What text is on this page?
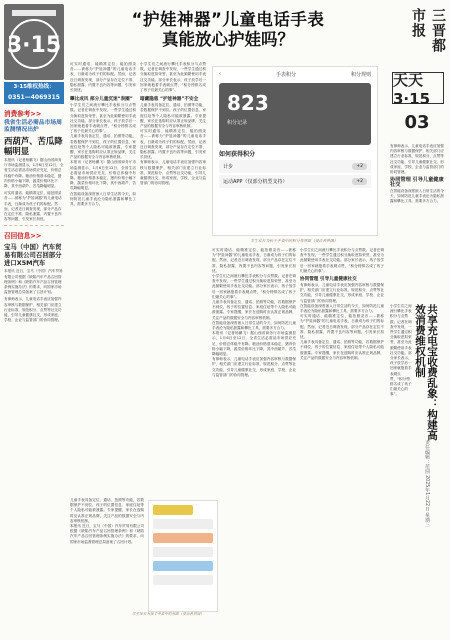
3·15
3·15维权热线：
0351—4069315
消费参考>>
我省生活必需品市场周监测情况出炉
西葫芦、苦瓜降幅明显
本报讯（记者杨鹏飞）据山西省商务厅市场监测显示，1月6日至12日，全省生活必需品市场供应充足，价格总体稳中有降。粮油价格基本稳定，猪肉价格小幅下降，蔬菜价格环比下降，其中西葫芦、苦瓜降幅明显。
可实时通话、能精准定位、能拍照录音……被称为“护娃神器”的儿童电话手表，日渐成为孩子们的标配。然而，记者近日调查发现，部分产品存在定位不准、隐私泄露、内置不良内容等问题，引发家长担忧。
召回信息>>
宝马（中国）汽车贸易有限公司召回部分进口X5M汽车
本报讯 近日，宝马（中国）汽车贸易有限公司根据《缺陷汽车产品召回管理条例》和《缺陷汽车产品召回管理条例实施办法》的要求，向国家市场监督管理总局备案了召回计划。
有律师表示，儿童电话手表应加强内容审核与数据保护，相关部门应建立行业标准，规范积分、点赞等社交功能，引导儿童健康社交，形成家庭、学校、企业与监管部门的协同管理。
“护娃神器”儿童电话手表
真能放心护娃吗？
可实时通话、能精准定位、能拍照录音……被称为“护娃神器”的儿童电话手表，日渐成为孩子们的标配。然而，记者近日调查发现，部分产品存在定位不准、隐私泄露、内置不良内容等问题，引发家长担忧。
攀比成风 部分儿童沉迷“表圈”
小学生们之间流行攀比手表积分与点赞数。记者在调查中发现，一些学生通过积分换取虚拟荣誉，甚至为此频繁使用手表社交功能。部分家长表示，孩子放学后一回家就抱着手表刷点赞，“积分榜排名成了孩子们最关心的事”。
儿童手表具备定位、通话、拍照等功能，若数据保护不到位，孩子的位置信息、家庭住址等个人隐私可能被泄露。专家提醒，家长在选购时应认准正规品牌，关注产品的数据安全与内容审核机制。
本报讯（记者杨鹏飞）据山西省商务厅市场监测显示，1月6日至12日，全省生活必需品市场供应充足，价格总体稳中有降。粮油价格基本稳定，猪肉价格小幅下降，蔬菜价格环比下降，其中西葫芦、苦瓜降幅明显。
在智能设备深度嵌入日常生活的今天，如何防范儿童手表沦为隐私泄露和攀比工具，需要多方合力。
小学生们之间流行攀比手表积分与点赞数。记者在调查中发现，一些学生通过积分换取虚拟荣誉，甚至为此频繁使用手表社交功能。部分家长表示，孩子放学后一回家就抱着手表刷点赞，“积分榜排名成了孩子们最关心的事”。
暗藏隐患 “护娃神器”不安全
儿童手表具备定位、通话、拍照等功能，若数据保护不到位，孩子的位置信息、家庭住址等个人隐私可能被泄露。专家提醒，家长在选购时应认准正规品牌，关注产品的数据安全与内容审核机制。
可实时通话、能精准定位、能拍照录音……被称为“护娃神器”的儿童电话手表，日渐成为孩子们的标配。然而，记者近日调查发现，部分产品存在定位不准、隐私泄露、内置不良内容等问题，引发家长担忧。
有律师表示，儿童电话手表应加强内容审核与数据保护，相关部门应建立行业标准，规范积分、点赞等社交功能，引导儿童健康社交，形成家庭、学校、企业与监管部门的协同管理。
‹	手表积分	积分规则
823
积分记录
如何获得积分
计步	+2
运动APP（仅部分机型支持）	+2
学生家长为孩子手表中的积分等界面（受访者供图）
可实时通话、能精准定位、能拍照录音……被称为“护娃神器”的儿童电话手表，日渐成为孩子们的标配。然而，记者近日调查发现，部分产品存在定位不准、隐私泄露、内置不良内容等问题，引发家长担忧。
小学生们之间流行攀比手表积分与点赞数。记者在调查中发现，一些学生通过积分换取虚拟荣誉，甚至为此频繁使用手表社交功能。部分家长表示，孩子放学后一回家就抱着手表刷点赞，“积分榜排名成了孩子们最关心的事”。
儿童手表具备定位、通话、拍照等功能，若数据保护不到位，孩子的位置信息、家庭住址等个人隐私可能被泄露。专家提醒，家长在选购时应认准正规品牌，关注产品的数据安全与内容审核机制。
在智能设备深度嵌入日常生活的今天，如何防范儿童手表沦为隐私泄露和攀比工具，需要多方合力。
本报讯（记者杨鹏飞）据山西省商务厅市场监测显示，1月6日至12日，全省生活必需品市场供应充足，价格总体稳中有降。粮油价格基本稳定，猪肉价格小幅下降，蔬菜价格环比下降，其中西葫芦、苦瓜降幅明显。
有律师表示，儿童电话手表应加强内容审核与数据保护，相关部门应建立行业标准，规范积分、点赞等社交功能，引导儿童健康社交，形成家庭、学校、企业与监管部门的协同管理。
小学生们之间流行攀比手表积分与点赞数。记者在调查中发现，一些学生通过积分换取虚拟荣誉，甚至为此频繁使用手表社交功能。部分家长表示，孩子放学后一回家就抱着手表刷点赞，“积分榜排名成了孩子们最关心的事”。
协同管理 引导儿童健康社交
有律师表示，儿童电话手表应加强内容审核与数据保护，相关部门应建立行业标准，规范积分、点赞等社交功能，引导儿童健康社交，形成家庭、学校、企业与监管部门的协同管理。
在智能设备深度嵌入日常生活的今天，如何防范儿童手表沦为隐私泄露和攀比工具，需要多方合力。
可实时通话、能精准定位、能拍照录音……被称为“护娃神器”的儿童电话手表，日渐成为孩子们的标配。然而，记者近日调查发现，部分产品存在定位不准、隐私泄露、内置不良内容等问题，引发家长担忧。
儿童手表具备定位、通话、拍照等功能，若数据保护不到位，孩子的位置信息、家庭住址等个人隐私可能被泄露。专家提醒，家长在选购时应认准正规品牌，关注产品的数据安全与内容审核机制。
儿童手表具备定位、通话、拍照等功能，若数据保护不到位，孩子的位置信息、家庭住址等个人隐私可能被泄露。专家提醒，家长在选购时应认准正规品牌，关注产品的数据安全与内容审核机制。
本报讯 近日，宝马（中国）汽车贸易有限公司根据《缺陷汽车产品召回管理条例》和《缺陷汽车产品召回管理条例实施办法》的要求，向国家市场监督管理总局备案了召回计划。
学生家长为孩子手表中的界面（受访者供图）
三晋都市报
天天3·15
03
有律师表示，儿童电话手表应加强内容审核与数据保护，相关部门应建立行业标准，规范积分、点赞等社交功能，引导儿童健康社交，形成家庭、学校、企业与监管部门的协同管理。
协同管理 引导儿童健康社交
在智能设备深度嵌入日常生活的今天，如何防范儿童手表沦为隐私泄露和攀比工具，需要多方合力。
共享充电宝收费乱象：构建高效消费维权机制
小学生们之间流行攀比手表积分与点赞数。记者在调查中发现，一些学生通过积分换取虚拟荣誉，甚至为此频繁使用手表社交功能。部分家长表示，孩子放学后一回家就抱着手表刷点赞，“积分榜排名成了孩子们最关心的事”。
责任编辑：范圆 2025年1月22日 星期三
